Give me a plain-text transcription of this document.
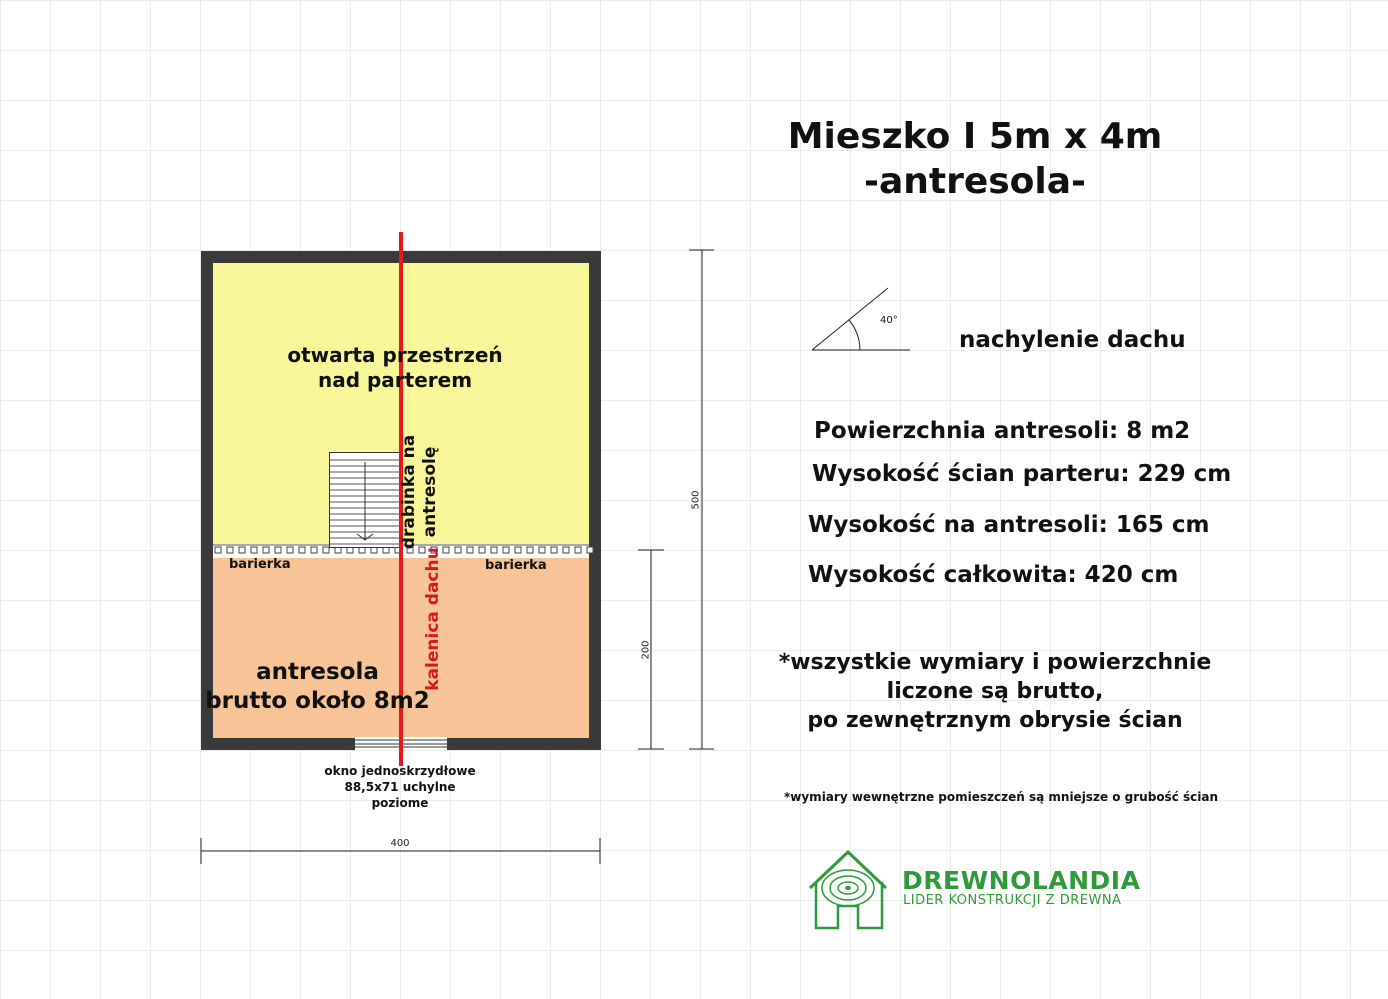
Mieszko I 5m x 4m
-antresola-
40°
nachylenie dachu
Powierzchnia antresoli: 8 m2
Wysokość ścian parteru: 229 cm
Wysokość na antresoli: 165 cm
Wysokość całkowita: 420 cm
*wszystkie wymiary i powierzchnie
liczone są brutto,
po zewnętrznym obrysie ścian
*wymiary wewnętrzne pomieszczeń są mniejsze o grubość ścian
otwarta przestrzeń
nad parterem
drabinka na antresolę
barierka	barierka
kalenica dachu
antresola
brutto około 8m2
okno jednoskrzydłowe
88,5x71 uchylne
poziome
500
200
400
DREWNOLANDIA
LIDER KONSTRUKCJI Z DREWNA
